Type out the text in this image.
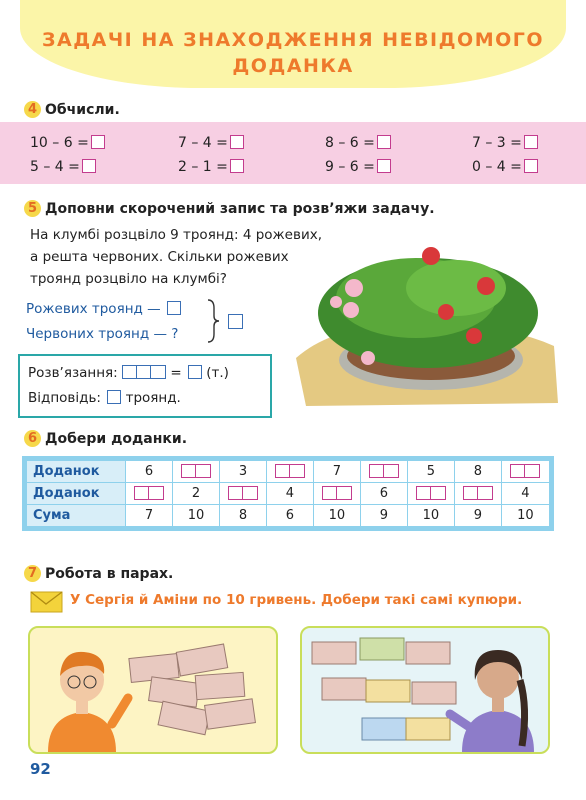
ЗАДАЧІ НА ЗНАХОДЖЕННЯ НЕВІДОМОГО
ДОДАНКА
4 Обчисли.
10 – 6 =	7 – 4 =	8 – 6 =	7 – 3 =
5 – 4 =	2 – 1 =	9 – 6 =	0 – 4 =
5 Доповни скорочений запис та розв’яжи задачу.
На клумбі розцвіло 9 троянд: 4 рожевих,
а решта червоних. Скільки рожевих
троянд розцвіло на клумбі?
Рожевих троянд —
Червоних троянд — ?
Розв’язання:	=  (т.)
Відповідь: троянд.
6 Добери доданки.
Доданок	6		3		7		5	8	
Доданок		2		4		6			4
Сума	7	10	8	6	10	9	10	9	10
7 Робота в парах.
У Сергія й Аміни по 10 гривень. Добери такі самі купюри.
92
